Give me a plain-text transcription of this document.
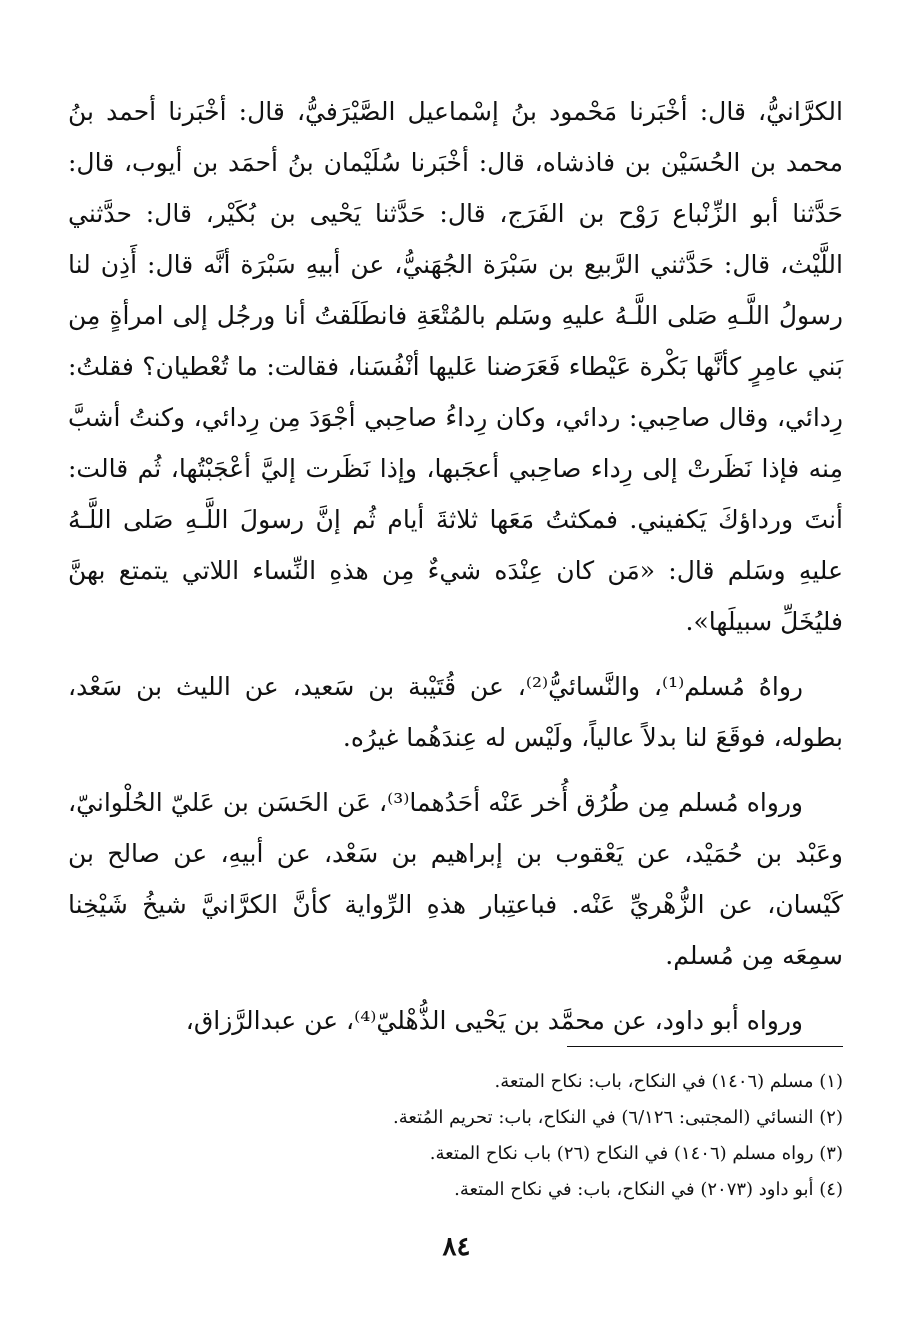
الكرَّانيُّ، قال: أخْبَرنا مَحْمود بنُ إسْماعيل الصَّيْرَفيُّ، قال: أخْبَرنا أحمد بنُ محمد بن الحُسَيْن بن فاذشاه، قال: أخْبَرنا سُلَيْمان بنُ أحمَد بن أيوب، قال: حَدَّثنا أبو الزِّنْباع رَوْح بن الفَرَج، قال: حَدَّثنا يَحْيى بن بُكَيْر، قال: حدَّثني اللَّيْث، قال: حَدَّثني الرَّبيع بن سَبْرَة الجُهَنيُّ، عن أبيهِ سَبْرَة أنَّه قال: أَذِن لنا رسولُ اللَّـهِ صَلى اللَّـهُ عليهِ وسَلم بالمُتْعَةِ فانطَلَقتُ أنا ورجُل إلى امرأةٍ مِن بَني عامِرٍ كأنَّها بَكْرة عَيْطاء فَعَرَضنا عَليها أنْفُسَنا، فقالت: ما تُعْطيان؟ فقلتُ: رِدائي، وقال صاحِبي: ردائي، وكان رِداءُ صاحِبي أجْوَدَ مِن رِدائي، وكنتُ أشبَّ مِنه فإذا نَظَرتْ إلى رِداء صاحِبي أعجَبها، وإذا نَظَرت إليَّ أعْجَبْتُها، ثُم قالت: أنتَ ورداؤكَ يَكفيني. فمكثتُ مَعَها ثلاثةَ أيام ثُم إنَّ رسولَ اللَّـهِ صَلى اللَّـهُ عليهِ وسَلم قال: «مَن كان عِنْدَه شيءٌ مِن هذهِ النِّساء اللاتي يتمتع بهنَّ فليُخَلِّ سبيلَها».

رواهُ مُسلم⁽¹⁾، والنَّسائيُّ⁽²⁾، عن قُتَيْبة بن سَعيد، عن الليث بن سَعْد، بطوله، فوقَعَ لنا بدلاً عالياً، ولَيْس له عِندَهُما غيرُه.

ورواه مُسلم مِن طُرُق أُخر عَنْه أحَدُهما⁽³⁾، عَن الحَسَن بن عَليّ الحُلْوانيّ، وعَبْد بن حُمَيْد، عن يَعْقوب بن إبراهيم بن سَعْد، عن أبيهِ، عن صالح بن كَيْسان، عن الزُّهْريِّ عَنْه. فباعتِبار هذهِ الرِّواية كأنَّ الكرَّانيَّ شيخُ شَيْخِنا سمِعَه مِن مُسلم.

ورواه أبو داود، عن محمَّد بن يَحْيى الذُّهْليّ⁽⁴⁾، عن عبدالرَّزاق،

(١) مسلم (١٤٠٦) في النكاح، باب: نكاح المتعة.
(٢) النسائي (المجتبى: ٦/١٢٦) في النكاح، باب: تحريم المُتعة.
(٣) رواه مسلم (١٤٠٦) في النكاح (٢٦) باب نكاح المتعة.
(٤) أبو داود (٢٠٧٣) في النكاح، باب: في نكاح المتعة.
٨٤
